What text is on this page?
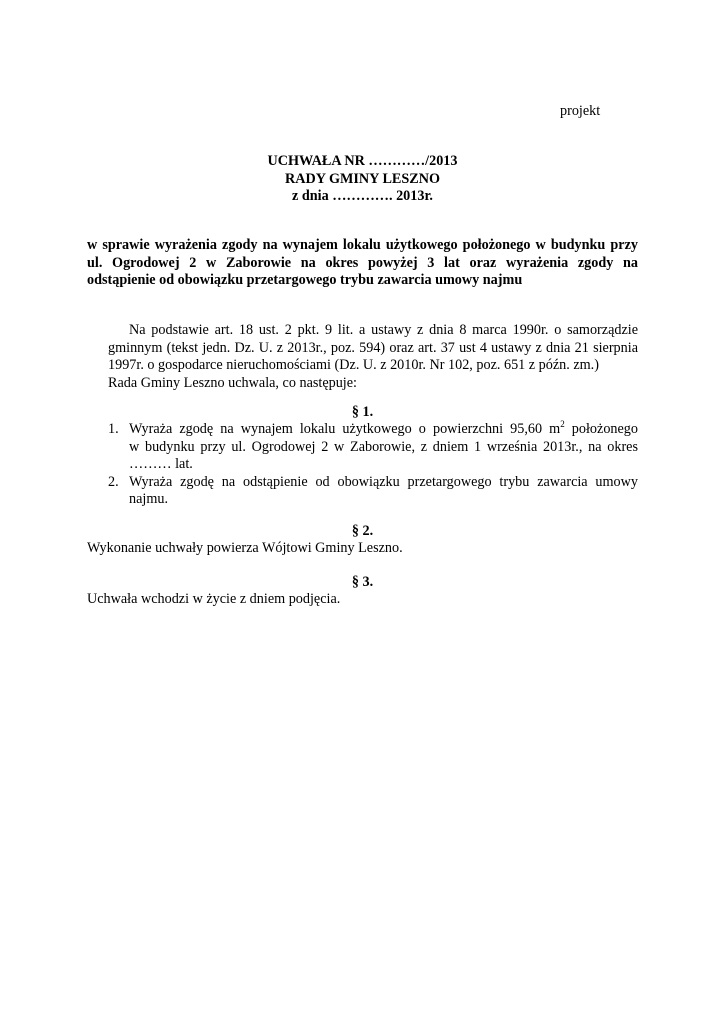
projekt
UCHWAŁA NR …………/2013
RADY GMINY LESZNO
z dnia …………. 2013r.
w sprawie wyrażenia zgody na wynajem lokalu użytkowego położonego w budynku przy
ul. Ogrodowej 2 w Zaborowie na okres powyżej 3 lat oraz wyrażenia zgody na
odstąpienie od obowiązku przetargowego trybu zawarcia umowy najmu
Na podstawie art. 18 ust. 2 pkt. 9 lit. a ustawy z dnia 8 marca 1990r. o samorządzie
gminnym (tekst jedn. Dz. U. z 2013r., poz. 594) oraz art. 37 ust 4 ustawy z dnia 21 sierpnia
1997r. o gospodarce nieruchomościami (Dz. U. z 2010r. Nr 102, poz. 651 z późn. zm.)
Rada Gminy Leszno uchwala, co następuje:
§ 1.
1. Wyraża zgodę na wynajem lokalu użytkowego o powierzchni 95,60 $m^2$ położonego
w budynku przy ul. Ogrodowej 2 w Zaborowie, z dniem 1 września 2013r., na okres
……… lat.
2. Wyraża zgodę na odstąpienie od obowiązku przetargowego trybu zawarcia umowy
najmu.
§ 2.
Wykonanie uchwały powierza Wójtowi Gminy Leszno.
§ 3.
Uchwała wchodzi w życie z dniem podjęcia.
